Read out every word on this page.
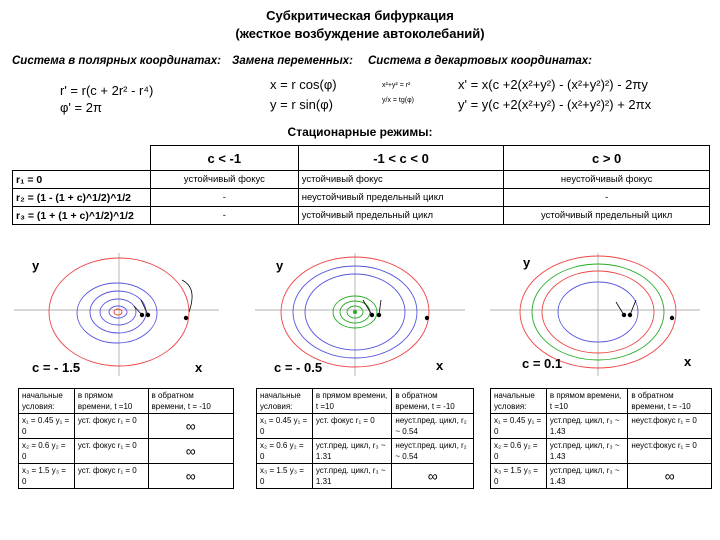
Субкритическая бифуркация
(жесткое возбуждение автоколебаний)
Система в полярных координатах: Замена переменных: Система в декартовых координатах:
r' = r(c + 2r² - r⁴)
φ' = 2π
x = r cos(φ)
y = r sin(φ)
x²+y² = r²
y/x = tg(φ)
x' = x(c +2(x²+y²) - (x²+y²)²) - 2πy
y' = y(c +2(x²+y²) - (x²+y²)²) + 2πx
Стационарные режимы:
	c < -1	-1 < c < 0	c > 0
r₁ = 0	устойчивый фокус	устойчивый фокус	неустойчивый фокус
r₂ = (1 - (1 + c)^1/2)^1/2	-	неустойчивый предельный цикл	-
r₃ = (1 + (1 + c)^1/2)^1/2	-	устойчивый предельный цикл	устойчивый предельный цикл
y
c = - 1.5	x
y
c = - 0.5	x
y
c = 0.1	x
начальные условия:	в прямом времени, t =10	в обратном времени, t = -10
x₁ = 0.45 y₁ = 0	уст. фокус r₁ = 0	∞
x₂ = 0.6 y₂ = 0	уст. фокус r₁ = 0	∞
x₃ = 1.5 y₃ = 0	уст. фокус r₁ = 0	∞
начальные условия:	в прямом времени, t =10	в обратном времени, t = -10
x₁ = 0.45 y₁ = 0	уст. фокус r₁ = 0	неуст.пред. цикл, r₂ ~ 0.54
x₂ = 0.6 y₂ = 0	уст.пред. цикл, r₃ ~ 1.31	неуст.пред. цикл, r₂ ~ 0.54
x₃ = 1.5 y₃ = 0	уст.пред. цикл, r₃ ~ 1.31	∞
начальные условия:	в прямом времени, t =10	в обратном времени, t = -10
x₁ = 0.45 y₁ = 0	уст.пред. цикл, r₃ ~ 1.43	неуст.фокус r₁ = 0
x₂ = 0.6 y₂ = 0	уст.пред. цикл, r₃ ~ 1.43	неуст.фокус r₁ = 0
x₃ = 1.5 y₃ = 0	уст.пред. цикл, r₃ ~ 1.43	∞
